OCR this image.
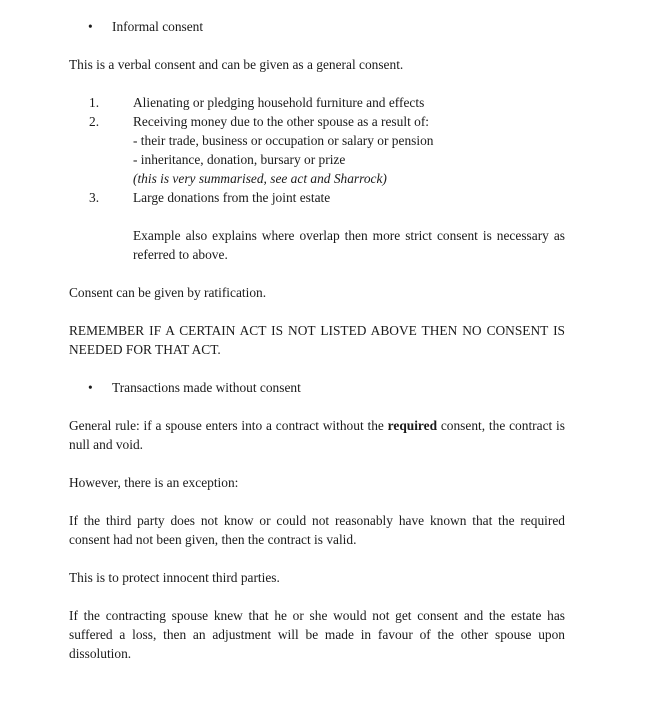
• Informal consent

This is a verbal consent and can be given as a general consent.

1.	Alienating or pledging household furniture and effects
2.	Receiving money due to the other spouse as a result of:
- their trade, business or occupation or salary or pension
- inheritance, donation, bursary or prize
(this is very summarised, see act and Sharrock)
3.	Large donations from the joint estate

Example also explains where overlap then more strict consent is necessary as referred to above.

Consent can be given by ratification.

REMEMBER IF A CERTAIN ACT IS NOT LISTED ABOVE THEN NO CONSENT IS NEEDED FOR THAT ACT.

• Transactions made without consent

General rule: if a spouse enters into a contract without the required consent, the contract is null and void.

However, there is an exception:

If the third party does not know or could not reasonably have known that the required consent had not been given, then the contract is valid.

This is to protect innocent third parties.

If the contracting spouse knew that he or she would not get consent and the estate has suffered a loss, then an adjustment will be made in favour of the other spouse upon dissolution.
